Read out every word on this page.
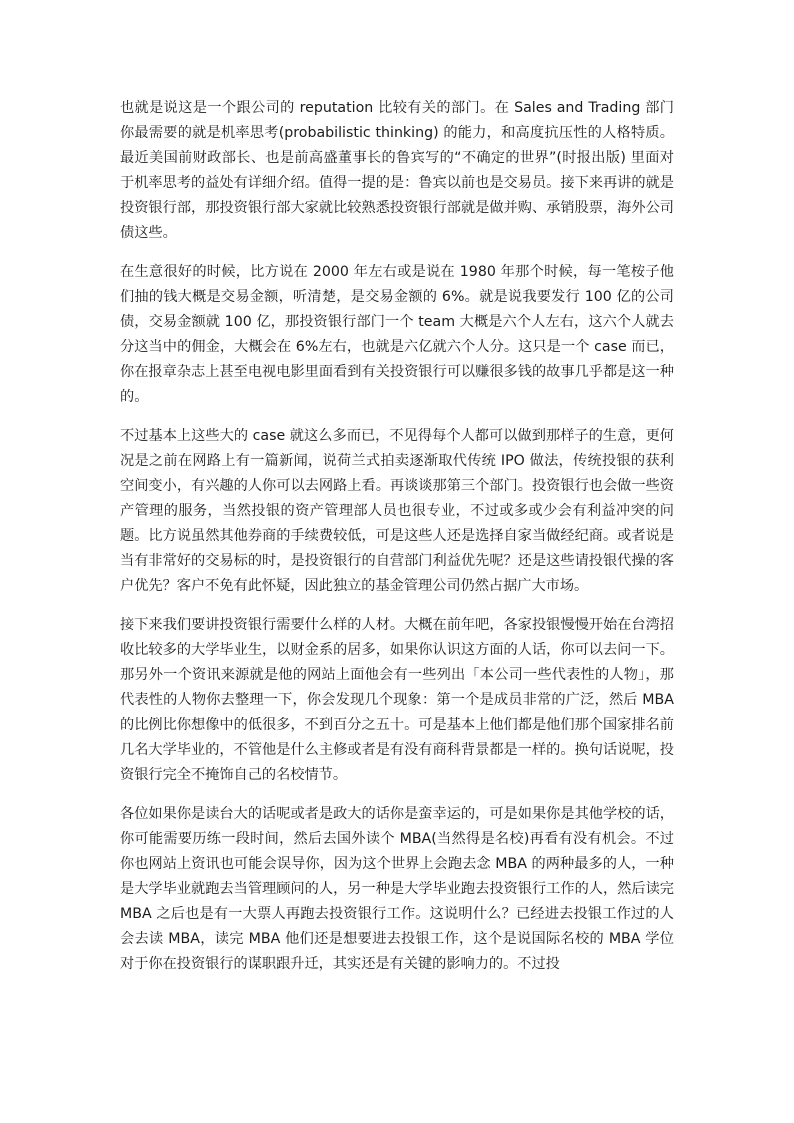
也就是说这是一个跟公司的 reputation 比较有关的部门。在 Sales and Trading 部门你最需要的就是机率思考(probabilistic thinking) 的能力，和高度抗压性的人格特质。最近美国前财政部长、也是前高盛董事长的鲁宾写的“不确定的世界”(时报出版) 里面对于机率思考的益处有详细介绍。值得一提的是：鲁宾以前也是交易员。接下来再讲的就是投资银行部，那投资银行部大家就比较熟悉投资银行部就是做并购、承销股票，海外公司债这些。

在生意很好的时候，比方说在 2000 年左右或是说在 1980 年那个时候，每一笔桉子他们抽的钱大概是交易金额，听清楚，是交易金额的 6%。就是说我要发行 100 亿的公司债，交易金额就 100 亿，那投资银行部门一个 team 大概是六个人左右，这六个人就去分这当中的佣金，大概会在 6%左右，也就是六亿就六个人分。这只是一个 case 而已，你在报章杂志上甚至电视电影里面看到有关投资银行可以赚很多钱的故事几乎都是这一种的。

不过基本上这些大的 case 就这么多而已，不见得每个人都可以做到那样子的生意，更何况是之前在网路上有一篇新闻，说荷兰式拍卖逐渐取代传统 IPO 做法，传统投银的获利空间变小，有兴趣的人你可以去网路上看。再谈谈那第三个部门。投资银行也会做一些资产管理的服务，当然投银的资产管理部人员也很专业，不过或多或少会有利益冲突的问题。比方说虽然其他券商的手续费较低，可是这些人还是选择自家当做经纪商。或者说是当有非常好的交易标的时，是投资银行的自营部门利益优先呢？还是这些请投银代操的客户优先？客户不免有此怀疑，因此独立的基金管理公司仍然占据广大市场。

接下来我们要讲投资银行需要什么样的人材。大概在前年吧，各家投银慢慢开始在台湾招收比较多的大学毕业生，以财金系的居多，如果你认识这方面的人话，你可以去问一下。那另外一个资讯来源就是他的网站上面他会有一些列出「本公司一些代表性的人物」，那代表性的人物你去整理一下，你会发现几个现象：第一个是成员非常的广泛，然后 MBA 的比例比你想像中的低很多，不到百分之五十。可是基本上他们都是他们那个国家排名前几名大学毕业的，不管他是什么主修或者是有没有商科背景都是一样的。换句话说呢，投资银行完全不掩饰自己的名校情节。

各位如果你是读台大的话呢或者是政大的话你是蛮幸运的，可是如果你是其他学校的话，你可能需要历练一段时间，然后去国外读个 MBA(当然得是名校)再看有没有机会。不过你也网站上资讯也可能会误导你，因为这个世界上会跑去念 MBA 的两种最多的人，一种是大学毕业就跑去当管理顾问的人，另一种是大学毕业跑去投资银行工作的人，然后读完 MBA 之后也是有一大票人再跑去投资银行工作。这说明什么？已经进去投银工作过的人会去读 MBA，读完 MBA 他们还是想要进去投银工作，这个是说国际名校的 MBA 学位对于你在投资银行的谋职跟升迁，其实还是有关键的影响力的。不过投
